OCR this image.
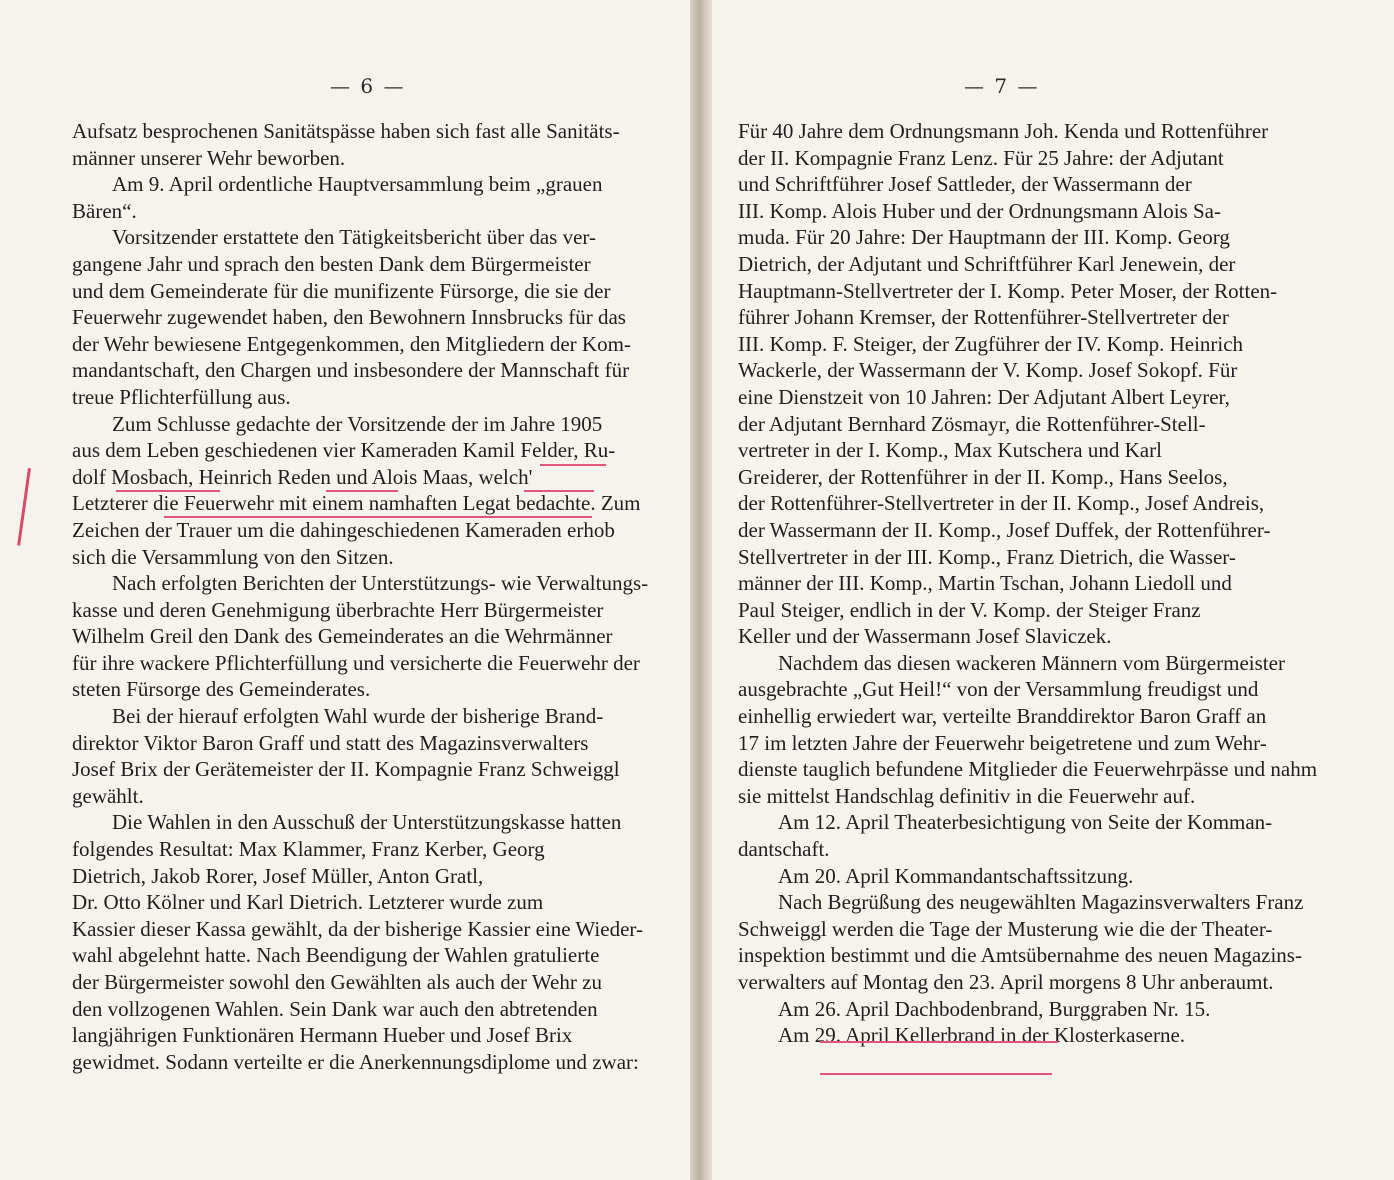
— 6 —
Aufsatz besprochenen Sanitätspässe haben sich fast alle Sanitäts-
männer unserer Wehr beworben.
Am 9. April ordentliche Hauptversammlung beim „grauen
Bären“.
Vorsitzender erstattete den Tätigkeitsbericht über das ver-
gangene Jahr und sprach den besten Dank dem Bürgermeister
und dem Gemeinderate für die munifizente Fürsorge, die sie der
Feuerwehr zugewendet haben, den Bewohnern Innsbrucks für das
der Wehr bewiesene Entgegenkommen, den Mitgliedern der Kom-
mandantschaft, den Chargen und insbesondere der Mannschaft für
treue Pflichterfüllung aus.
Zum Schlusse gedachte der Vorsitzende der im Jahre 1905
aus dem Leben geschiedenen vier Kameraden Kamil Felder, Ru-
dolf Mosbach, Heinrich Reden und Alois Maas, welch'
Letzterer die Feuerwehr mit einem namhaften Legat bedachte. Zum
Zeichen der Trauer um die dahingeschiedenen Kameraden erhob
sich die Versammlung von den Sitzen.
Nach erfolgten Berichten der Unterstützungs- wie Verwaltungs-
kasse und deren Genehmigung überbrachte Herr Bürgermeister
Wilhelm Greil den Dank des Gemeinderates an die Wehrmänner
für ihre wackere Pflichterfüllung und versicherte die Feuerwehr der
steten Fürsorge des Gemeinderates.
Bei der hierauf erfolgten Wahl wurde der bisherige Brand-
direktor Viktor Baron Graff und statt des Magazinsverwalters
Josef Brix der Gerätemeister der II. Kompagnie Franz Schweiggl
gewählt.
Die Wahlen in den Ausschuß der Unterstützungskasse hatten
folgendes Resultat: Max Klammer, Franz Kerber, Georg
Dietrich, Jakob Rorer, Josef Müller, Anton Gratl,
Dr. Otto Kölner und Karl Dietrich. Letzterer wurde zum
Kassier dieser Kassa gewählt, da der bisherige Kassier eine Wieder-
wahl abgelehnt hatte. Nach Beendigung der Wahlen gratulierte
der Bürgermeister sowohl den Gewählten als auch der Wehr zu
den vollzogenen Wahlen. Sein Dank war auch den abtretenden
langjährigen Funktionären Hermann Hueber und Josef Brix
gewidmet. Sodann verteilte er die Anerkennungsdiplome und zwar:
— 7 —
Für 40 Jahre dem Ordnungsmann Joh. Kenda und Rottenführer
der II. Kompagnie Franz Lenz. Für 25 Jahre: der Adjutant
und Schriftführer Josef Sattleder, der Wassermann der
III. Komp. Alois Huber und der Ordnungsmann Alois Sa-
muda. Für 20 Jahre: Der Hauptmann der III. Komp. Georg
Dietrich, der Adjutant und Schriftführer Karl Jenewein, der
Hauptmann-Stellvertreter der I. Komp. Peter Moser, der Rotten-
führer Johann Kremser, der Rottenführer-Stellvertreter der
III. Komp. F. Steiger, der Zugführer der IV. Komp. Heinrich
Wackerle, der Wassermann der V. Komp. Josef Sokopf. Für
eine Dienstzeit von 10 Jahren: Der Adjutant Albert Leyrer,
der Adjutant Bernhard Zösmayr, die Rottenführer-Stell-
vertreter in der I. Komp., Max Kutschera und Karl
Greiderer, der Rottenführer in der II. Komp., Hans Seelos,
der Rottenführer-Stellvertreter in der II. Komp., Josef Andreis,
der Wassermann der II. Komp., Josef Duffek, der Rottenführer-
Stellvertreter in der III. Komp., Franz Dietrich, die Wasser-
männer der III. Komp., Martin Tschan, Johann Liedoll und
Paul Steiger, endlich in der V. Komp. der Steiger Franz
Keller und der Wassermann Josef Slaviczek.
Nachdem das diesen wackeren Männern vom Bürgermeister
ausgebrachte „Gut Heil!“ von der Versammlung freudigst und
einhellig erwiedert war, verteilte Branddirektor Baron Graff an
17 im letzten Jahre der Feuerwehr beigetretene und zum Wehr-
dienste tauglich befundene Mitglieder die Feuerwehrpässe und nahm
sie mittelst Handschlag definitiv in die Feuerwehr auf.
Am 12. April Theaterbesichtigung von Seite der Komman-
dantschaft.
Am 20. April Kommandantschaftssitzung.
Nach Begrüßung des neugewählten Magazinsverwalters Franz
Schweiggl werden die Tage der Musterung wie die der Theater-
inspektion bestimmt und die Amtsübernahme des neuen Magazins-
verwalters auf Montag den 23. April morgens 8 Uhr anberaumt.
Am 26. April Dachbodenbrand, Burggraben Nr. 15.
Am 29. April Kellerbrand in der Klosterkaserne.
